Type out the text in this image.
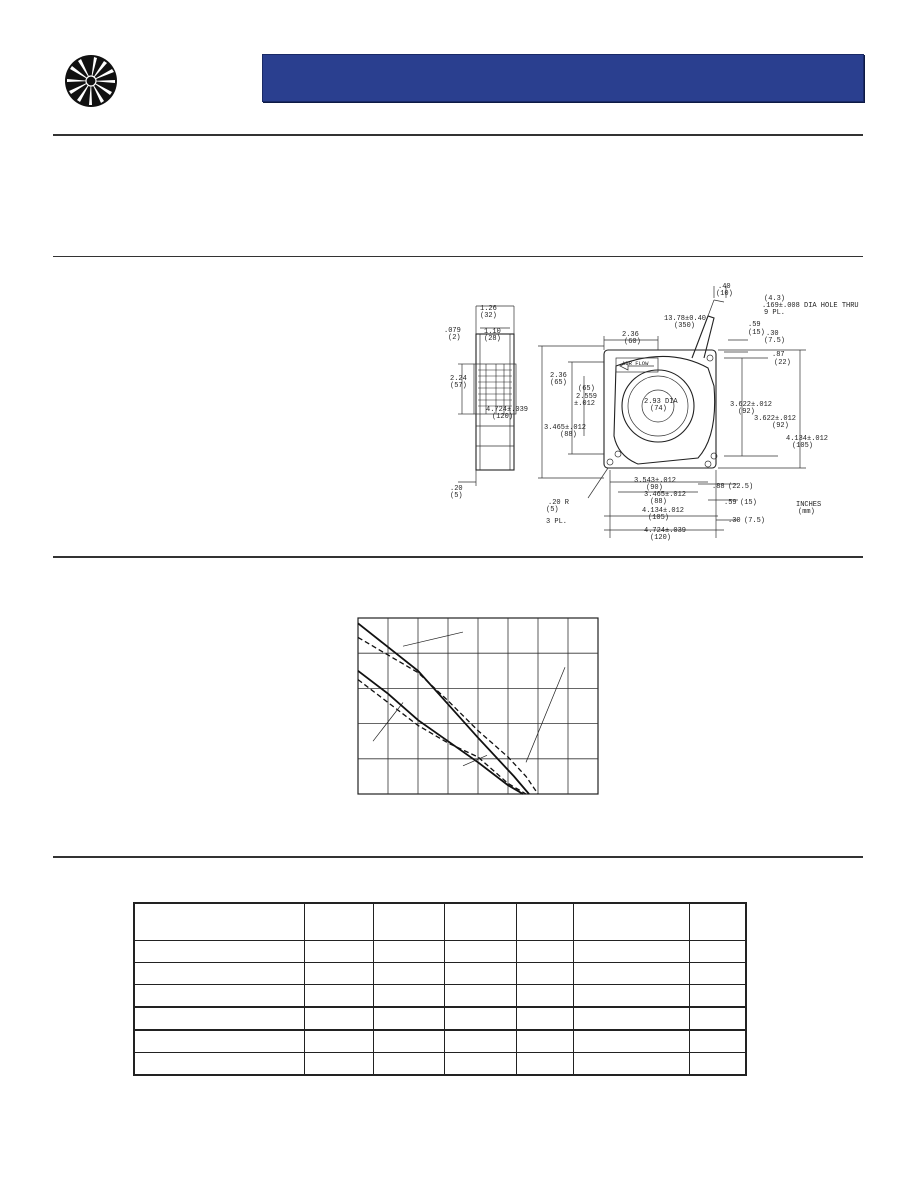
1.26
(32)
.079
(2)
1.10
(28)
2.24
(57)
.20
(5)
.40
(10)
(4.3)
.169±.008 DIA HOLE THRU
9 PL.
13.78±0.40
(350)
2.36
(60)
.59
(15) .30
(7.5)
.87
(22)
AIR FLOW
2.36
(65)
(65)
2.559
±.012
4.724±.039
(120)
2.93 DIA
(74)	3.622±.012
(92)
3.622±.012
(92)
4.134±.012
(105)
3.465±.012
(88)
3.543±.012
(90)	.88 (22.5)
3.465±.012
(88)	.59 (15)
.20 R
(5)
3 PL.
4.134±.012
(105)	.30 (7.5)
4.724±.039
(120)
INCHES
(mm)
